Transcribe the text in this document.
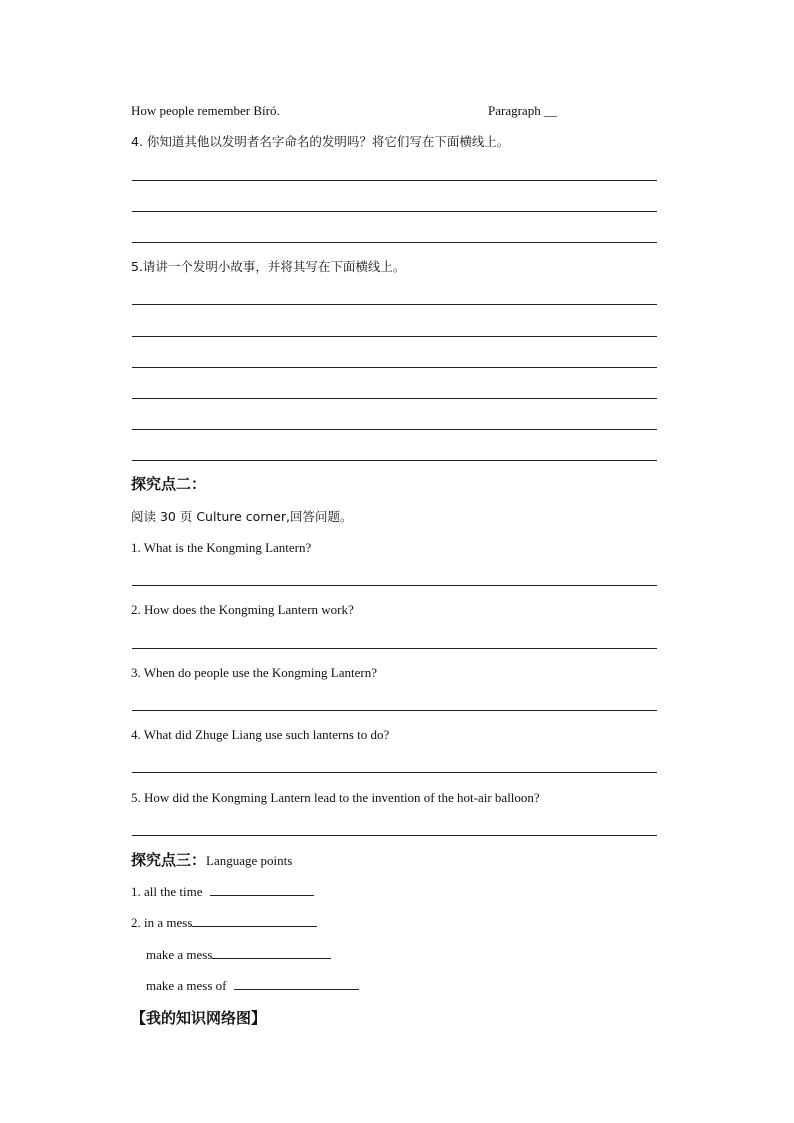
How people remember Bíró.	Paragraph __
4. 你知道其他以发明者名字命名的发明吗？将它们写在下面横线上。
5.请讲一个发明小故事，并将其写在下面横线上。
探究点二：
阅读 30 页 Culture corner,回答问题。
1. What is the Kongming Lantern?
2. How does the Kongming Lantern work?
3. When do people use the Kongming Lantern?
4. What did Zhuge Liang use such lanterns to do?
5. How did the Kongming Lantern lead to the invention of the hot-air balloon?
探究点三：Language points
1. all the time
2. in a mess
make a mess
make a mess of
【我的知识网络图】
